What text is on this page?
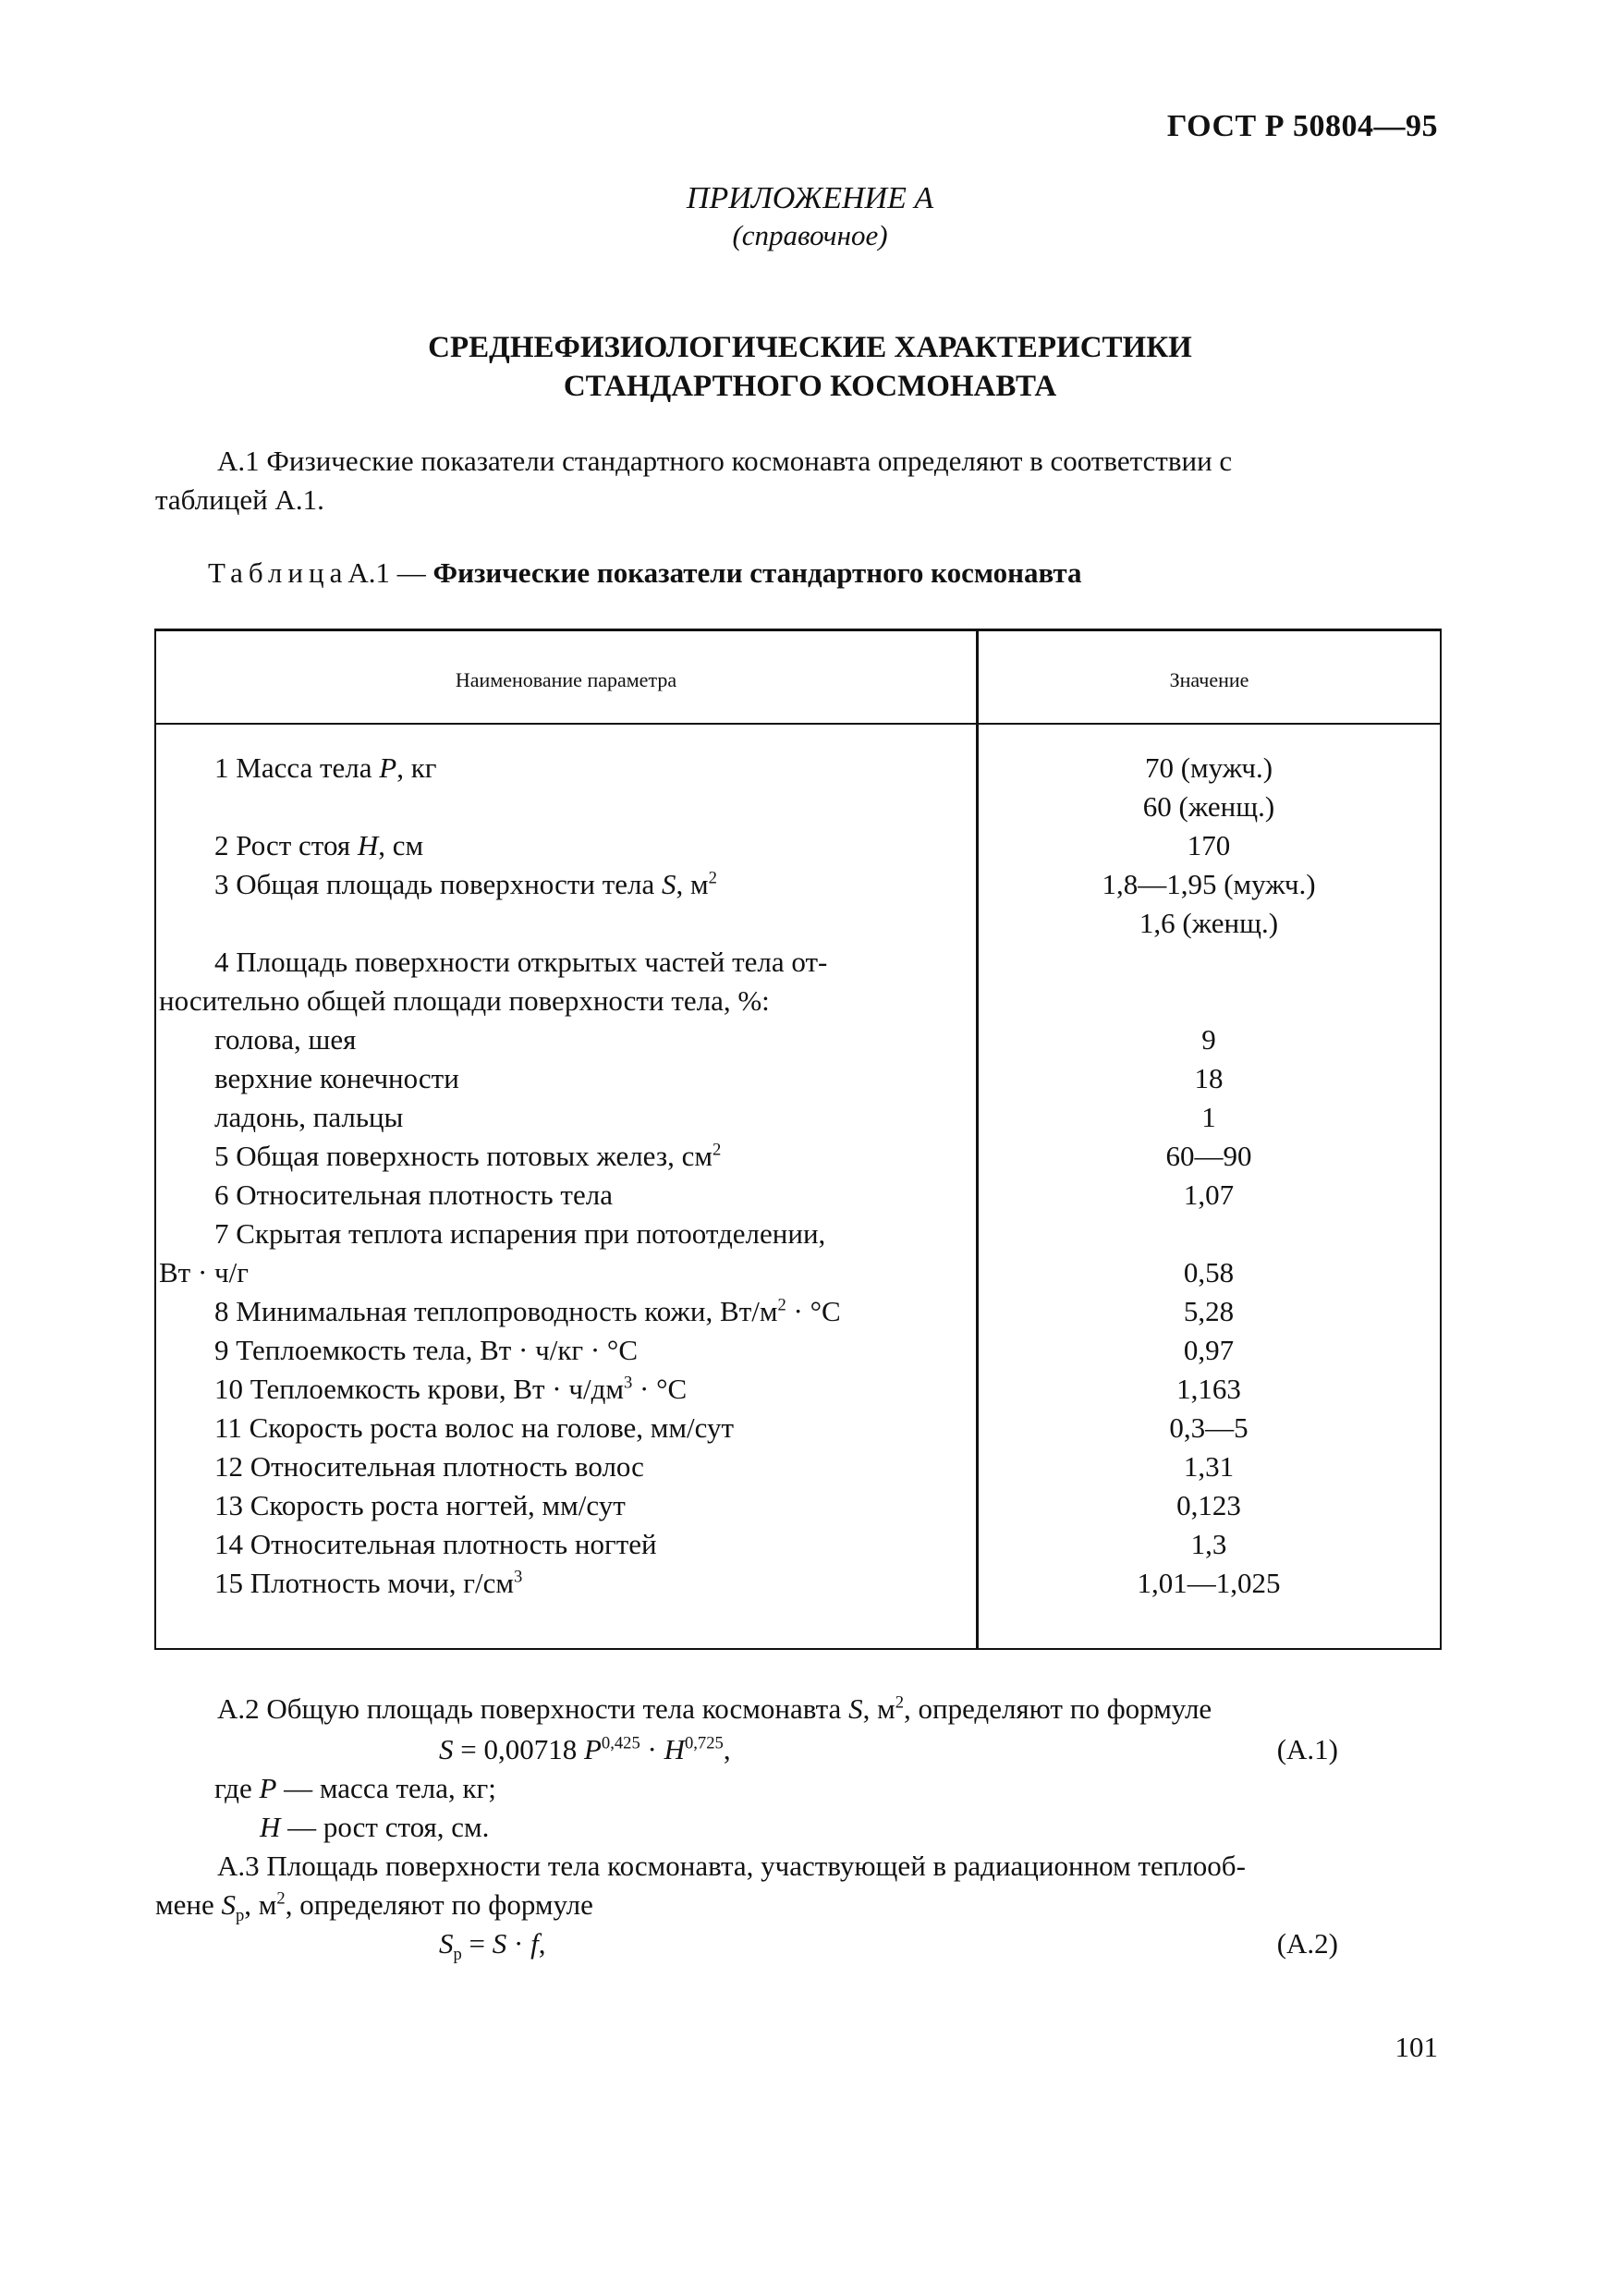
ГОСТ Р 50804—95
ПРИЛОЖЕНИЕ А
(справочное)
СРЕДНЕФИЗИОЛОГИЧЕСКИЕ ХАРАКТЕРИСТИКИ
СТАНДАРТНОГО КОСМОНАВТА
А.1 Физические показатели стандартного космонавта определяют в соответствии с
таблицей А.1.
ТаблицаА.1 — Физические показатели стандартного космонавта
Наименование параметра	Значение
1 Масса тела P, кг	70 (мужч.)
60 (женщ.)
2 Рост стоя H, см	170
3 Общая площадь поверхности тела S, $м^2$	1,8—1,95 (мужч.)
1,6 (женщ.)
4 Площадь поверхности открытых частей тела от-
носительно общей площади поверхности тела, %:
голова, шея	9
верхние конечности	18
ладонь, пальцы	1
5 Общая поверхность потовых желез, $см^2$	60—90
6 Относительная плотность тела	1,07
7 Скрытая теплота испарения при потоотделении,
Вт · ч/г	0,58
8 Минимальная теплопроводность кожи, $Вт/м^2 \cdot ^\circ С$	5,28
9 Теплоемкость тела, Вт · ч/кг · °С	0,97
10 Теплоемкость крови, Вт · $ч/дм^3 \cdot ^\circ С$	1,163
11 Скорость роста волос на голове, мм/сут	0,3—5
12 Относительная плотность волос	1,31
13 Скорость роста ногтей, мм/сут	0,123
14 Относительная плотность ногтей	1,3
15 Плотность мочи, $г/см^3$	1,01—1,025
А.2 Общую площадь поверхности тела космонавта S, $м^2$, определяют по формуле
S = 0,00718 P$^{0,425}$ · H$^{0,725}$,	(А.1)
где P — масса тела, кг;
H — рост стоя, см.
А.3 Площадь поверхности тела космонавта, участвующей в радиационном теплооб-
мене $S_р$, $м^2$, определяют по формуле
$S_р = S \cdot f$,	(А.2)
101
